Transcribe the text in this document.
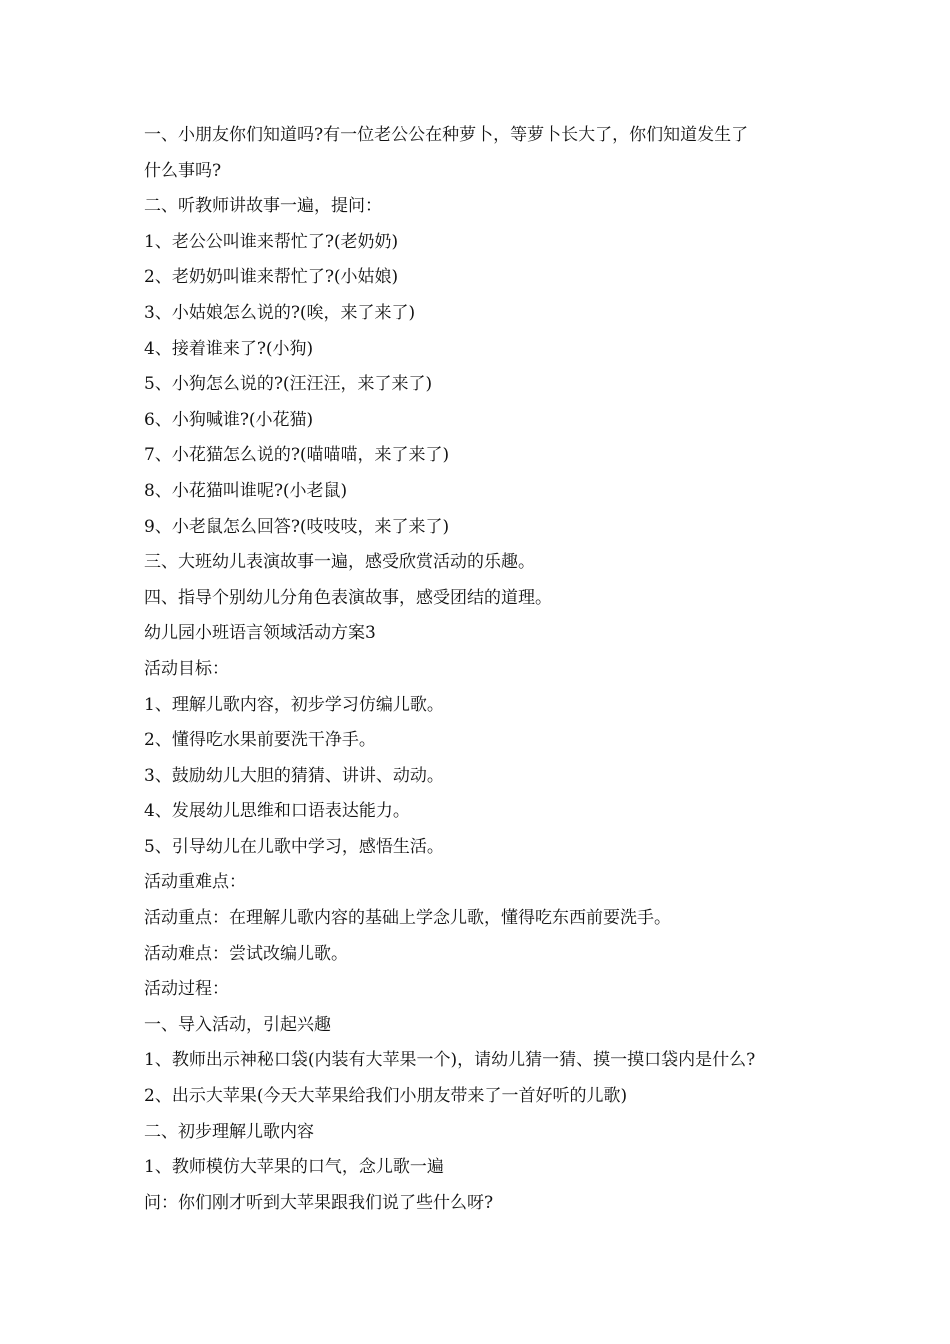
一、小朋友你们知道吗?有一位老公公在种萝卜，等萝卜长大了，你们知道发生了
什么事吗?
二、听教师讲故事一遍，提问：
1、老公公叫谁来帮忙了?(老奶奶)
2、老奶奶叫谁来帮忙了?(小姑娘)
3、小姑娘怎么说的?(唉，来了来了)
4、接着谁来了?(小狗)
5、小狗怎么说的?(汪汪汪，来了来了)
6、小狗喊谁?(小花猫)
7、小花猫怎么说的?(喵喵喵，来了来了)
8、小花猫叫谁呢?(小老鼠)
9、小老鼠怎么回答?(吱吱吱，来了来了)
三、大班幼儿表演故事一遍，感受欣赏活动的乐趣。
四、指导个别幼儿分角色表演故事，感受团结的道理。
幼儿园小班语言领域活动方案3
活动目标：
1、理解儿歌内容，初步学习仿编儿歌。
2、懂得吃水果前要洗干净手。
3、鼓励幼儿大胆的猜猜、讲讲、动动。
4、发展幼儿思维和口语表达能力。
5、引导幼儿在儿歌中学习，感悟生活。
活动重难点：
活动重点：在理解儿歌内容的基础上学念儿歌，懂得吃东西前要洗手。
活动难点：尝试改编儿歌。
活动过程：
一、导入活动，引起兴趣
1、教师出示神秘口袋(内装有大苹果一个)，请幼儿猜一猜、摸一摸口袋内是什么?
2、出示大苹果(今天大苹果给我们小朋友带来了一首好听的儿歌)
二、初步理解儿歌内容
1、教师模仿大苹果的口气，念儿歌一遍
问：你们刚才听到大苹果跟我们说了些什么呀?
